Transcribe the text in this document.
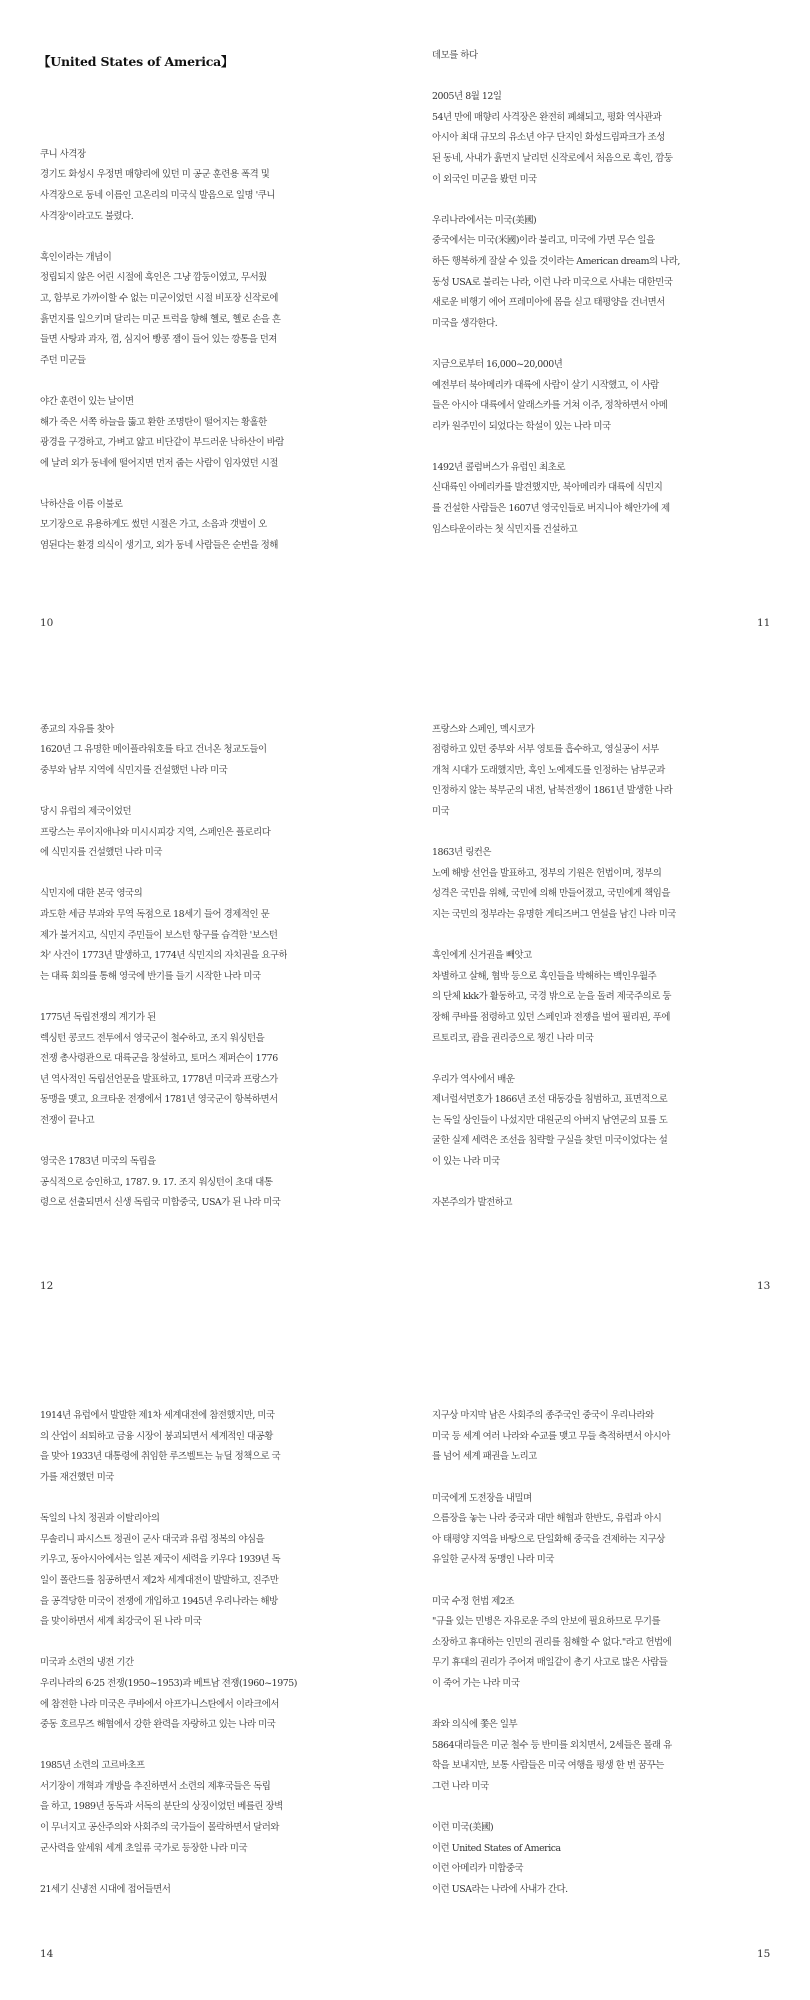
【United States of America】
쿠니 사격장
경기도 화성시 우정면 매향리에 있던 미 공군 훈련용 폭격 및
사격장으로 동네 이름인 고온리의 미국식 발음으로 일명 '쿠니
사격장'이라고도 불렸다.
흑인이라는 개념이
정립되지 않은 어린 시절에 흑인은 그냥 깜둥이였고, 무서웠
고, 함부로 가까이할 수 없는 미군이었던 시절 비포장 신작로에
흙먼지를 일으키며 달리는 미군 트럭을 향해 헬로, 헬로 손을 흔
들면 사탕과 과자, 껌, 심지어 빵콩 잼이 들어 있는 깡통을 던져
주던 미군들
야간 훈련이 있는 날이면
해가 죽은 서쪽 하늘을 뚫고 환한 조명탄이 떨어지는 황홀한
광경을 구경하고, 가벼고 얇고 비단같이 부드러운 낙하산이 바람
에 날려 외가 동네에 떨어지면 먼저 줍는 사람이 임자였던 시절
낙하산을 이름 이불로
모기장으로 유용하게도 썼던 시절은 가고, 소음과 갯벌이 오
염된다는 환경 의식이 생기고, 외가 동네 사람들은 순번을 정해
10
데모를 하다
2005년 8월 12일
54년 만에 매향리 사격장은 완전히 폐쇄되고, 평화 역사관과
아시아 최대 규모의 유소년 야구 단지인 화성드림파크가 조성
된 동네, 사내가 흙먼지 날리던 신작로에서 처음으로 흑인, 깜둥
이 외국인 미군을 봤던 미국
우리나라에서는 미국(美國)
중국에서는 미국(米國)이라 불리고, 미국에 가면 무슨 일을
하든 행복하게 잘살 수 있을 것이라는 American dream의 나라,
동성 USA로 불리는 나라, 이런 나라 미국으로 사내는 대한민국
새로운 비행기 에어 프레미아에 몸을 싣고 태평양을 건너면서
미국을 생각한다.
지금으로부터 16,000~20,000년
예전부터 북아메리카 대륙에 사람이 살기 시작했고, 이 사람
들은 아시아 대륙에서 알래스카를 거쳐 이주, 정착하면서 아메
리카 원주민이 되었다는 학설이 있는 나라 미국
1492년 콜럼버스가 유럽인 최초로
신대륙인 아메리카를 발견했지만, 북아메리카 대륙에 식민지
를 건설한 사람들은 1607년 영국인들로 버지니아 해안가에 제
임스타운이라는 첫 식민지를 건설하고
11
종교의 자유를 찾아
1620년 그 유명한 메이플라워호를 타고 건너온 청교도들이
중부와 남부 지역에 식민지를 건설했던 나라 미국
당시 유럽의 제국이었던
프랑스는 루이지애나와 미시시피강 지역, 스페인은 플로리다
에 식민지를 건설했던 나라 미국
식민지에 대한 본국 영국의
과도한 세금 부과와 무역 독점으로 18세기 들어 경제적인 문
제가 불거지고, 식민지 주민들이 보스턴 항구를 습격한 '보스턴
차' 사건이 1773년 발생하고, 1774년 식민지의 자치권을 요구하
는 대륙 회의를 통해 영국에 반기를 들기 시작한 나라 미국
1775년 독립전쟁의 계기가 된
렉싱턴 콩코드 전투에서 영국군이 철수하고, 조지 워싱턴을
전쟁 총사령관으로 대륙군을 창설하고, 토머스 제퍼슨이 1776
년 역사적인 독립선언문을 발표하고, 1778년 미국과 프랑스가
동맹을 맺고, 요크타운 전쟁에서 1781년 영국군이 항복하면서
전쟁이 끝나고
영국은 1783년 미국의 독립을
공식적으로 승인하고, 1787. 9. 17. 조지 워싱턴이 초대 대통
령으로 선출되면서 신생 독립국 미합중국, USA가 된 나라 미국
12
프랑스와 스페인, 멕시코가
점령하고 있던 중부와 서부 영토를 흡수하고, 영실공이 서부
개척 시대가 도래했지만, 흑인 노예제도를 인정하는 남부군과
인정하지 않는 북부군의 내전, 남북전쟁이 1861년 발생한 나라
미국
1863년 링컨은
노예 해방 선언을 발표하고, 정부의 기원은 헌법이며, 정부의
성격은 국민을 위해, 국민에 의해 만들어졌고, 국민에게 책임을
지는 국민의 정부라는 유명한 게티즈버그 연설을 남긴 나라 미국
흑인에게 신거권을 빼앗고
차별하고 살해, 협박 등으로 흑인들을 박해하는 백인우월주
의 단체 kkk가 활동하고, 국경 밖으로 눈을 돌려 제국주의로 둥
장해 쿠바를 점령하고 있던 스페인과 전쟁을 벌여 필리핀, 푸에
르토리코, 괌을 권리증으로 챙긴 나라 미국
우리가 역사에서 배운
제너럴셔먼호가 1866년 조선 대동강을 침범하고, 표면적으로
는 독일 상인들이 나섰지만 대원군의 아버지 남연군의 묘를 도
굴한 실제 세력은 조선을 침략할 구실을 찾던 미국이었다는 설
이 있는 나라 미국
자본주의가 발전하고
13
1914년 유럽에서 발발한 제1차 세계대전에 참전했지만, 미국
의 산업이 쇠퇴하고 금융 시장이 붕괴되면서 세계적인 대공황
을 맞아 1933년 대통령에 취임한 루즈벨트는 뉴딜 정책으로 국
가를 재건했던 미국
독일의 나치 정권과 이탈리아의
무솔리니 파시스트 정권이 군사 대국과 유럽 정복의 야심을
키우고, 동아시아에서는 일본 제국이 세력을 키우다 1939년 독
일이 폴란드를 침공하면서 제2차 세계대전이 발발하고, 진주만
을 공격당한 미국이 전쟁에 개입하고 1945년 우리나라는 해방
을 맞이하면서 세계 최강국이 된 나라 미국
미국과 소련의 냉전 기간
우리나라의 6·25 전쟁(1950~1953)과 베트남 전쟁(1960~1975)
에 참전한 나라 미국은 쿠바에서 아프가니스탄에서 이라크에서
중동 호르무즈 해협에서 강한 완력을 자랑하고 있는 나라 미국
1985년 소련의 고르바초프
서기장이 개혁과 개방을 추진하면서 소련의 제후국들은 독립
을 하고, 1989년 동독과 서독의 분단의 상징이었던 베를린 장벽
이 무너지고 공산주의와 사회주의 국가들이 몰락하면서 달러와
군사력을 앞세워 세계 초일류 국가로 등장한 나라 미국
21세기 신냉전 시대에 접어들면서
14
지구상 마지막 남은 사회주의 종주국인 중국이 우리나라와
미국 등 세계 여러 나라와 수교를 맺고 무들 축적하면서 아시아
를 넘어 세계 패권을 노리고
미국에게 도전장을 내밀며
으름장을 놓는 나라 중국과 대만 해협과 한반도, 유럽과 아시
아 태평양 지역을 바탕으로 단일화해 중국을 견제하는 지구상
유일한 군사적 동맹인 나라 미국
미국 수정 헌법 제2조
"규율 있는 민병은 자유로운 주의 안보에 필요하므로 무기를
소장하고 휴대하는 인민의 권리를 침해할 수 없다."라고 헌법에
무기 휴대의 권리가 주어져 매일같이 총기 사고로 많은 사람들
이 죽어 가는 나라 미국
좌와 의식에 쫓은 일부
5864대리들은 미군 철수 등 반미를 외치면서, 2세들은 몰래 유
학을 보내지만, 보통 사람들은 미국 여행을 평생 한 번 꿈꾸는
그런 나라 미국
이런 미국(美國)
이런 United States of America
이런 아메리카 미합중국
이런 USA라는 나라에 사내가 간다.
15
